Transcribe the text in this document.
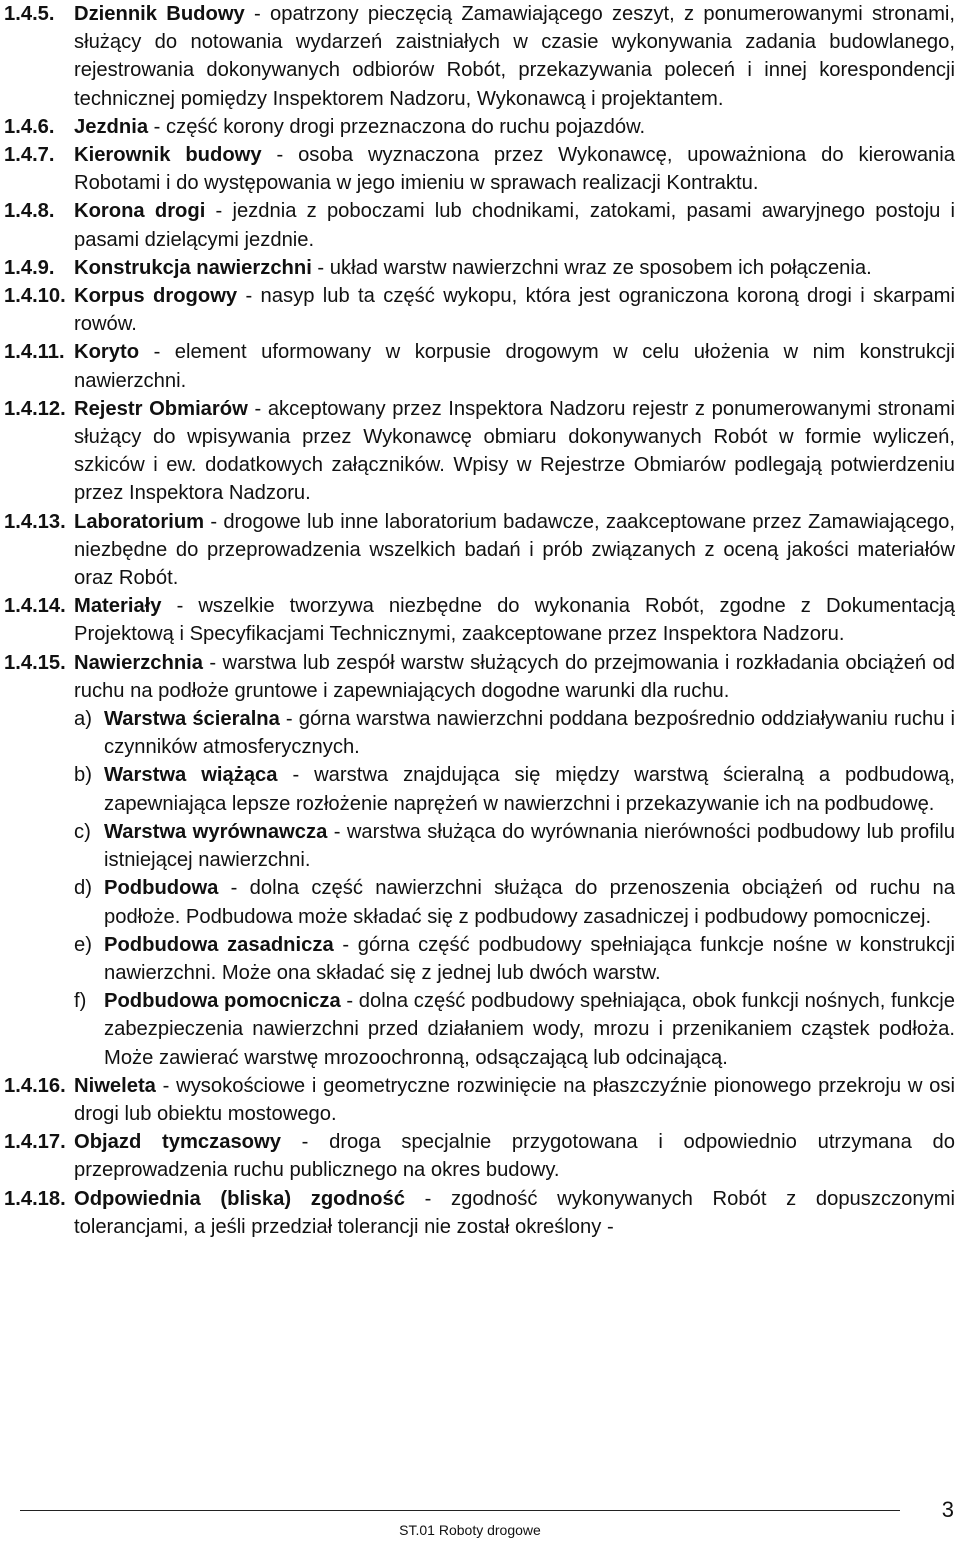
1.4.5. Dziennik Budowy - opatrzony pieczęcią Zamawiającego zeszyt, z ponumerowanymi stronami, służący do notowania wydarzeń zaistniałych w czasie wykonywania zadania budowlanego, rejestrowania dokonywanych odbiorów Robót, przekazywania poleceń i innej korespondencji technicznej pomiędzy Inspektorem Nadzoru, Wykonawcą i projektantem.
1.4.6. Jezdnia - część korony drogi przeznaczona do ruchu pojazdów.
1.4.7. Kierownik budowy - osoba wyznaczona przez Wykonawcę, upoważniona do kierowania Robotami i do występowania w jego imieniu w sprawach realizacji Kontraktu.
1.4.8. Korona drogi - jezdnia z poboczami lub chodnikami, zatokami, pasami awaryjnego postoju i pasami dzielącymi jezdnie.
1.4.9. Konstrukcja nawierzchni - układ warstw nawierzchni wraz ze sposobem ich połączenia.
1.4.10. Korpus drogowy - nasyp lub ta część wykopu, która jest ograniczona koroną drogi i skarpami rowów.
1.4.11. Koryto - element uformowany w korpusie drogowym w celu ułożenia w nim konstrukcji nawierzchni.
1.4.12. Rejestr Obmiarów - akceptowany przez Inspektora Nadzoru rejestr z ponumerowanymi stronami służący do wpisywania przez Wykonawcę obmiaru dokonywanych Robót w formie wyliczeń, szkiców i ew. dodatkowych załączników. Wpisy w Rejestrze Obmiarów podlegają potwierdzeniu przez Inspektora Nadzoru.
1.4.13. Laboratorium - drogowe lub inne laboratorium badawcze, zaakceptowane przez Zamawiającego, niezbędne do przeprowadzenia wszelkich badań i prób związanych z oceną jakości materiałów oraz Robót.
1.4.14. Materiały - wszelkie tworzywa niezbędne do wykonania Robót, zgodne z Dokumentacją Projektową i Specyfikacjami Technicznymi, zaakceptowane przez Inspektora Nadzoru.
1.4.15. Nawierzchnia - warstwa lub zespół warstw służących do przejmowania i rozkładania obciążeń od ruchu na podłoże gruntowe i zapewniających dogodne warunki dla ruchu.
a) Warstwa ścieralna - górna warstwa nawierzchni poddana bezpośrednio oddziaływaniu ruchu i czynników atmosferycznych.
b) Warstwa wiążąca - warstwa znajdująca się między warstwą ścieralną a podbudową, zapewniająca lepsze rozłożenie naprężeń w nawierzchni i przekazywanie ich na podbudowę.
c) Warstwa wyrównawcza - warstwa służąca do wyrównania nierówności podbudowy lub profilu istniejącej nawierzchni.
d) Podbudowa - dolna część nawierzchni służąca do przenoszenia obciążeń od ruchu na podłoże. Podbudowa może składać się z podbudowy zasadniczej i podbudowy pomocniczej.
e) Podbudowa zasadnicza - górna część podbudowy spełniająca funkcje nośne w konstrukcji nawierzchni. Może ona składać się z jednej lub dwóch warstw.
f) Podbudowa pomocnicza - dolna część podbudowy spełniająca, obok funkcji nośnych, funkcje zabezpieczenia nawierzchni przed działaniem wody, mrozu i przenikaniem cząstek podłoża. Może zawierać warstwę mrozoochronną, odsączającą lub odcinającą.
1.4.16. Niweleta - wysokościowe i geometryczne rozwinięcie na płaszczyźnie pionowego przekroju w osi drogi lub obiektu mostowego.
1.4.17. Objazd tymczasowy - droga specjalnie przygotowana i odpowiednio utrzymana do przeprowadzenia ruchu publicznego na okres budowy.
1.4.18. Odpowiednia (bliska) zgodność - zgodność wykonywanych Robót z dopuszczonymi tolerancjami, a jeśli przedział tolerancji nie został określony -
3
ST.01 Roboty drogowe
